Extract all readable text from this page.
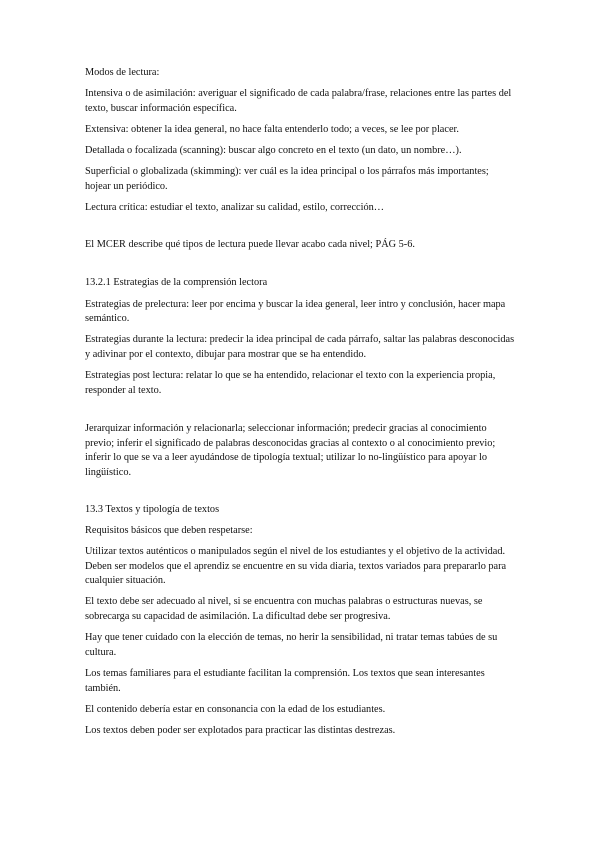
Modos de lectura:

Intensiva o de asimilación: averiguar el significado de cada palabra/frase, relaciones entre las partes del texto, buscar información específica.

Extensiva: obtener la idea general, no hace falta entenderlo todo; a veces, se lee por placer.

Detallada o focalizada (scanning): buscar algo concreto en el texto (un dato, un nombre…).

Superficial o globalizada (skimming): ver cuál es la idea principal o los párrafos más importantes; hojear un periódico.

Lectura crítica: estudiar el texto, analizar su calidad, estilo, corrección…

El MCER describe qué tipos de lectura puede llevar acabo cada nivel; PÁG 5-6.

13.2.1 Estrategias de la comprensión lectora

Estrategias de prelectura: leer por encima y buscar la idea general, leer intro y conclusión, hacer mapa semántico.

Estrategias durante la lectura: predecir la idea principal de cada párrafo, saltar las palabras desconocidas y adivinar por el contexto, dibujar para mostrar que se ha entendido.

Estrategias post lectura: relatar lo que se ha entendido, relacionar el texto con la experiencia propia, responder al texto.

Jerarquizar información y relacionarla; seleccionar información; predecir gracias al conocimiento previo; inferir el significado de palabras desconocidas gracias al contexto o al conocimiento previo; inferir lo que se va a leer ayudándose de tipología textual; utilizar lo no-lingüístico para apoyar lo lingüístico.

13.3 Textos y tipología de textos

Requisitos básicos que deben respetarse:

Utilizar textos auténticos o manipulados según el nivel de los estudiantes y el objetivo de la actividad. Deben ser modelos que el aprendiz se encuentre en su vida diaria, textos variados para prepararlo para cualquier situación.

El texto debe ser adecuado al nivel, si se encuentra con muchas palabras o estructuras nuevas, se sobrecarga su capacidad de asimilación. La dificultad debe ser progresiva.

Hay que tener cuidado con la elección de temas, no herir la sensibilidad, ni tratar temas tabúes de su cultura.

Los temas familiares para el estudiante facilitan la comprensión. Los textos que sean interesantes también.

El contenido debería estar en consonancia con la edad de los estudiantes.

Los textos deben poder ser explotados para practicar las distintas destrezas.
